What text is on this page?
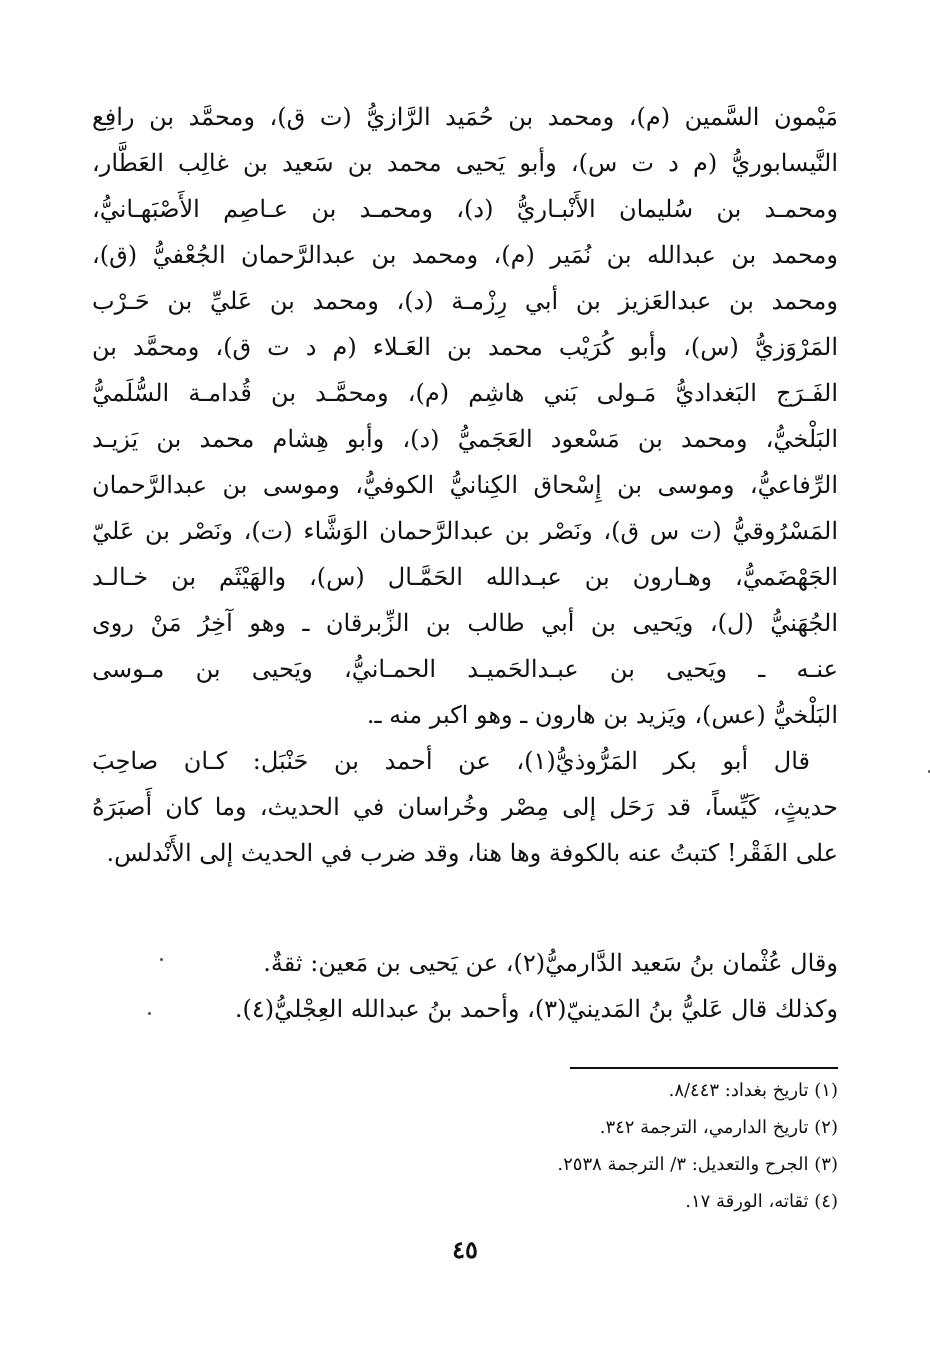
مَيْمون السَّمين (م)، ومحمد بن حُمَيد الرَّازيُّ (ت ق)، ومحمَّد بن رافِع
النَّيسابوريُّ (م د ت س)، وأبو يَحيى محمد بن سَعيد بن غالِب العَطَّار،
ومحمـد بن سُليمان الأَنْبـاريُّ (د)، ومحمـد بن عـاصِم الأَصْبَهـانيُّ،
ومحمد بن عبدالله بن نُمَير (م)، ومحمد بن عبدالرَّحمان الجُعْفيُّ (ق)،
ومحمد بن عبدالعَزيز بن أبي رِزْمـة (د)، ومحمد بن عَليِّ بن حَـرْب
المَرْوَزيُّ (س)، وأبو كُرَيْب محمد بن العَـلاء (م د ت ق)، ومحمَّد بن
الفَـرَج البَغداديُّ مَـولى بَني هاشِم (م)، ومحمَّـد بن قُدامـة السُّلَميُّ
البَلْخيُّ، ومحمد بن مَسْعود العَجَميُّ (د)، وأبو هِشام محمد بن يَزيـد
الرِّفاعيُّ، وموسى بن إِسْحاق الكِنانيُّ الكوفيُّ، وموسى بن عبدالرَّحمان
المَسْرُوقيُّ (ت س ق)، ونَصْر بن عبدالرَّحمان الوَشَّاء (ت)، ونَصْر بن عَليّ
الجَهْضَميُّ، وهـارون بن عبـدالله الحَمَّـال (س)، والهَيْثَم بن خـالـد
الجُهَنيُّ (ل)، ويَحيى بن أبي طالب بن الزِّبرقان ـ وهو آخِرُ مَنْ روى
عنـه ـ ويَحيى بن عبـدالحَميـد الحمـانيُّ، ويَحيى بن مـوسى
البَلْخيُّ (عس)، ويَزيد بن هارون ـ وهو اكبر منه ـ.
قال أبو بكر المَرُّوذيُّ(١)، عن أحمد بن حَنْبَل: كـان صاحِبَ
حديثٍ، كَيِّساً، قد رَحَل إلى مِصْر وخُراسان في الحديث، وما كان أَصبَرَهُ
على الفَقْر! كتبتُ عنه بالكوفة وها هنا، وقد ضرب في الحديث إلى الأَنْدلس.
وقال عُثْمان بنُ سَعيد الدَّارميُّ(٢)، عن يَحيى بن مَعين: ثقةٌ.
وكذلك قال عَليُّ بنُ المَدينيّ(٣)، وأحمد بنُ عبدالله العِجْليُّ(٤).
(١) تاريخ بغداد: ٨/٤٤٣.
(٢) تاريخ الدارمي، الترجمة ٣٤٢.
(٣) الجرح والتعديل: ٣/ الترجمة ٢٥٣٨.
(٤) ثقاته، الورقة ١٧.
٤٥
